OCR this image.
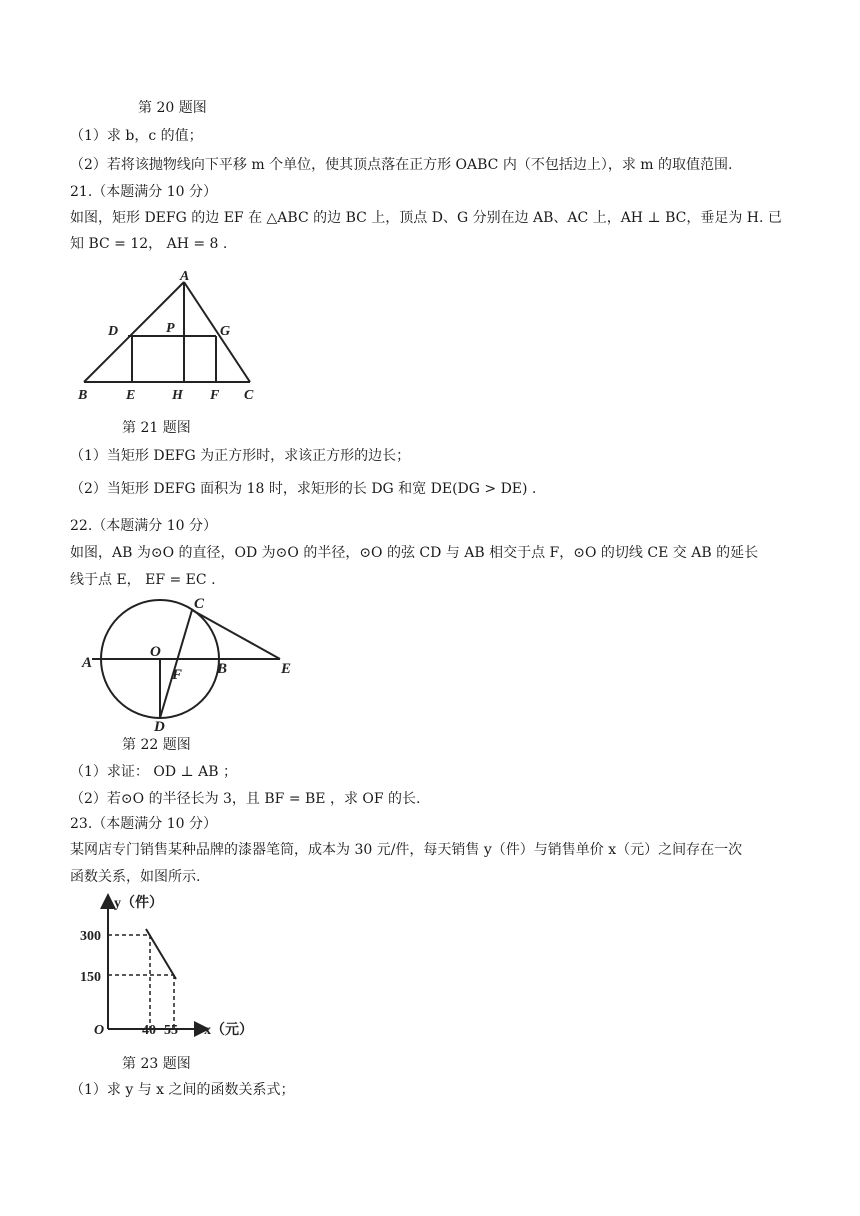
第 20 题图
（1）求 b，c 的值；
（2）若将该抛物线向下平移 m 个单位，使其顶点落在正方形 OABC 内（不包括边上），求 m 的取值范围.
21.（本题满分 10 分）
如图，矩形 DEFG 的边 EF 在 △ABC 的边 BC 上，顶点 D、G 分别在边 AB、AC 上，AH ⊥ BC，垂足为 H. 已
知 BC = 12， AH = 8 .
A
B	C
D
E	F
G
H
P
第 21 题图
（1）当矩形 DEFG 为正方形时，求该正方形的边长；
（2）当矩形 DEFG 面积为 18 时，求矩形的长 DG 和宽 DE(DG > DE) .
22.（本题满分 10 分）
如图，AB 为⊙O 的直径，OD 为⊙O 的半径，⊙O 的弦 CD 与 AB 相交于点 F，⊙O 的切线 CE 交 AB 的延长
线于点 E， EF = EC .
A	B
C
D
E
F
O
第 22 题图
（1）求证： OD ⊥ AB ；
（2）若⊙O 的半径长为 3，且 BF = BE ，求 OF 的长.
23.（本题满分 10 分）
某网店专门销售某种品牌的漆器笔筒，成本为 30 元/件，每天销售 y（件）与销售单价 x（元）之间存在一次
函数关系，如图所示.
y（件）
x（元）
O
300
150
40 55
第 23 题图
（1）求 y 与 x 之间的函数关系式；
